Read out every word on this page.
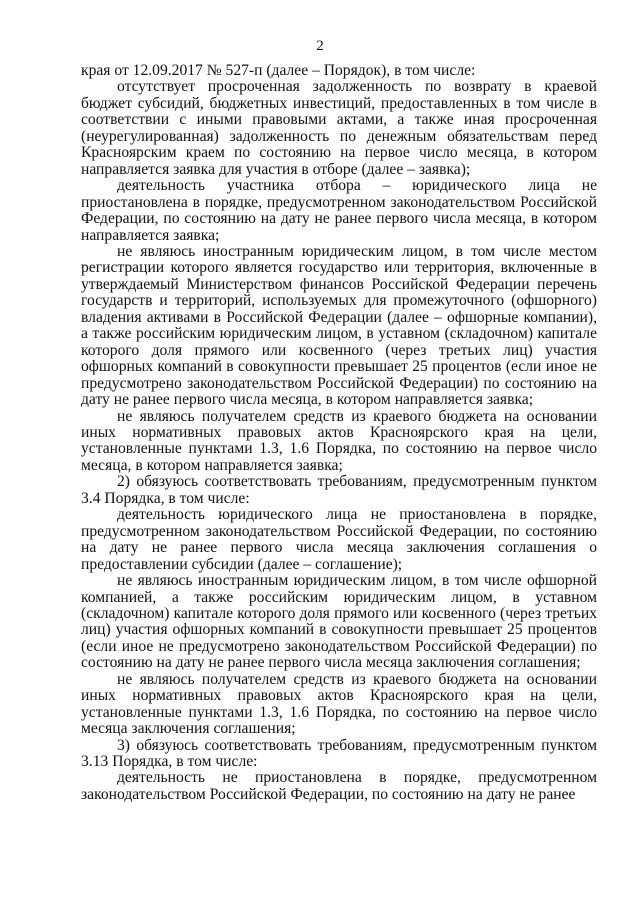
2

края от 12.09.2017 № 527-п (далее – Порядок), в том числе:

отсутствует просроченная задолженность по возврату в краевой бюджет субсидий, бюджетных инвестиций, предоставленных в том числе в соответствии с иными правовыми актами, а также иная просроченная (неурегулированная) задолженность по денежным обязательствам перед Красноярским краем по состоянию на первое число месяца, в котором направляется заявка для участия в отборе (далее – заявка);

деятельность участника отбора – юридического лица не приостановлена в порядке, предусмотренном законодательством Российской Федерации, по состоянию на дату не ранее первого числа месяца, в котором направляется заявка;

не являюсь иностранным юридическим лицом, в том числе местом регистрации которого является государство или территория, включенные в утверждаемый Министерством финансов Российской Федерации перечень государств и территорий, используемых для промежуточного (офшорного) владения активами в Российской Федерации (далее – офшорные компании), а также российским юридическим лицом, в уставном (складочном) капитале которого доля прямого или косвенного (через третьих лиц) участия офшорных компаний в совокупности превышает 25 процентов (если иное не предусмотрено законодательством Российской Федерации) по состоянию на дату не ранее первого числа месяца, в котором направляется заявка;

не являюсь получателем средств из краевого бюджета на основании иных нормативных правовых актов Красноярского края на цели, установленные пунктами 1.3, 1.6 Порядка, по состоянию на первое число месяца, в котором направляется заявка;

2) обязуюсь соответствовать требованиям, предусмотренным пунктом 3.4 Порядка, в том числе:

деятельность юридического лица не приостановлена в порядке, предусмотренном законодательством Российской Федерации, по состоянию на дату не ранее первого числа месяца заключения соглашения о предоставлении субсидии (далее – соглашение);

не являюсь иностранным юридическим лицом, в том числе офшорной компанией, а также российским юридическим лицом, в уставном (складочном) капитале которого доля прямого или косвенного (через третьих лиц) участия офшорных компаний в совокупности превышает 25 процентов (если иное не предусмотрено законодательством Российской Федерации) по состоянию на дату не ранее первого числа месяца заключения соглашения;

не являюсь получателем средств из краевого бюджета на основании иных нормативных правовых актов Красноярского края на цели, установленные пунктами 1.3, 1.6 Порядка, по состоянию на первое число месяца заключения соглашения;

3) обязуюсь соответствовать требованиям, предусмотренным пунктом 3.13 Порядка, в том числе:

деятельность не приостановлена в порядке, предусмотренном законодательством Российской Федерации, по состоянию на дату не ранее
